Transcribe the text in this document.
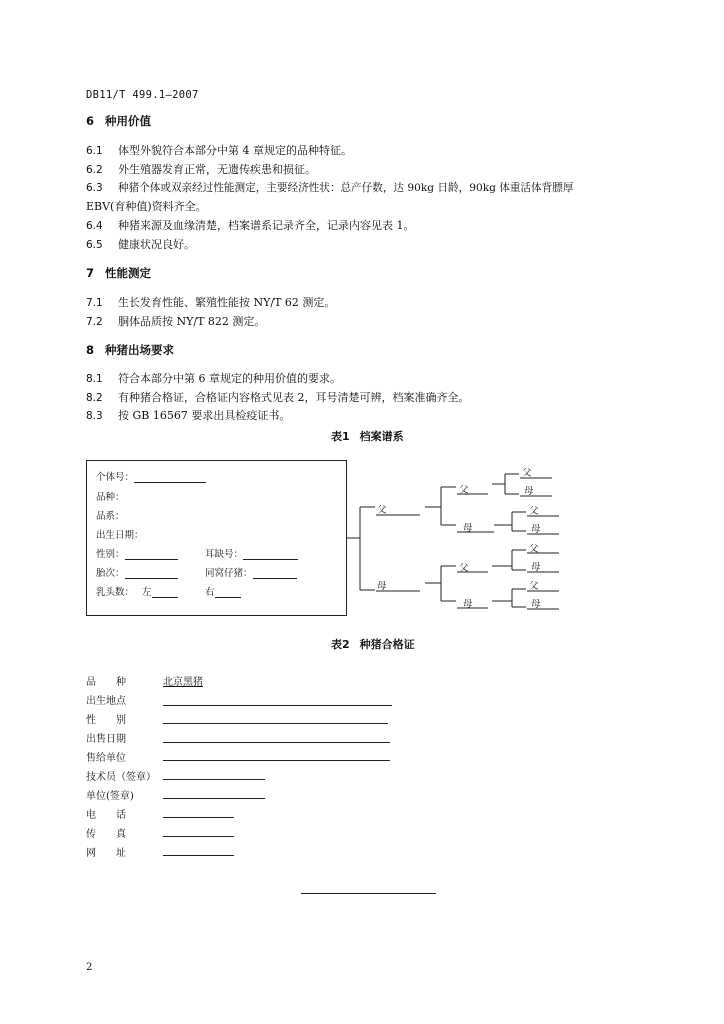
DB11/T 499.1—2007
6 种用价值
6.1 体型外貌符合本部分中第 4 章规定的品种特征。
6.2 外生殖器发育正常，无遗传疾患和损征。
6.3 种猪个体或双亲经过性能测定，主要经济性状：总产仔数，达 90kg 日龄，90kg 体重活体背膘厚
EBV(育种值)资料齐全。
6.4 种猪来源及血缘清楚，档案谱系记录齐全，记录内容见表 1。
6.5 健康状况良好。
7 性能测定
7.1 生长发育性能、繁殖性能按 NY/T 62 测定。
7.2 胴体品质按 NY/T 822 测定。
8 种猪出场要求
8.1 符合本部分中第 6 章规定的种用价值的要求。
8.2 有种猪合格证，合格证内容格式见表 2，耳号清楚可辨，档案准确齐全。
8.3 按 GB 16567 要求出具检疫证书。
表1 档案谱系
个体号：
品种：
品系：
出生日期：
性别：	耳缺号：
胎次：	同窝仔猪：
乳头数： 左	右
父
母
父
母
父
母
父
母
父
母
父
母
父
母
表2 种猪合格证
品　　种	北京黑猪
出生地点
性　　别
出售日期
售给单位
技术员（签章）
单位(签章)
电　　话
传　　真
网　　址
2
